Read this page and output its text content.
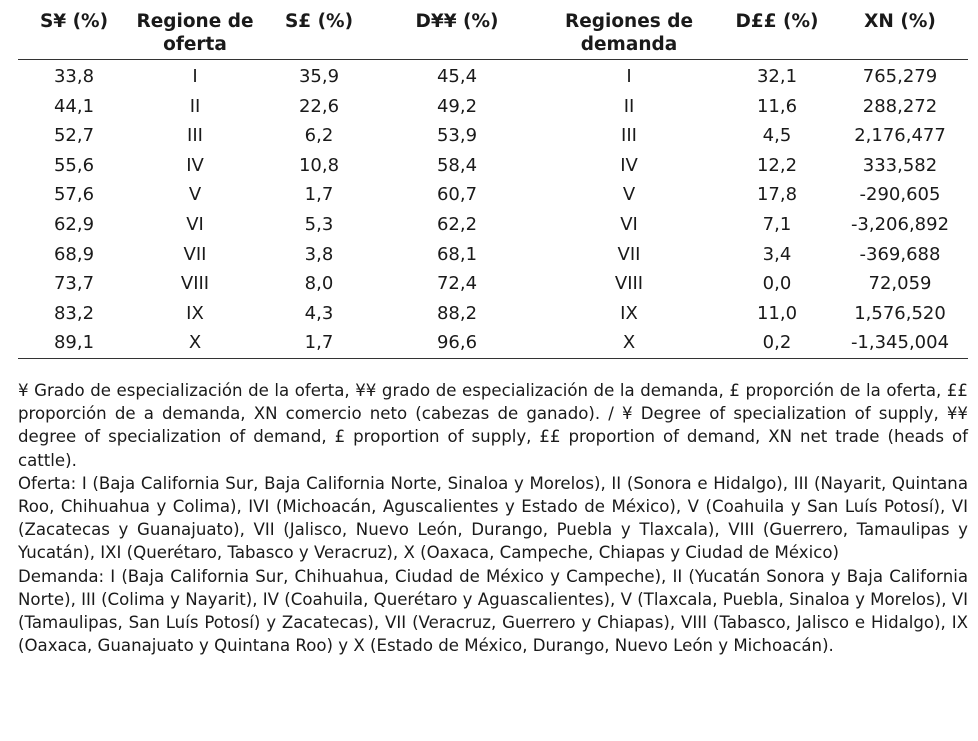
S¥ (%)	Regione de oferta	S£ (%)	D¥¥ (%)	Regiones de demanda	D££ (%)	XN (%)
33,8	I	35,9	45,4	I	32,1	765,279
44,1	II	22,6	49,2	II	11,6	288,272
52,7	III	6,2	53,9	III	4,5	2,176,477
55,6	IV	10,8	58,4	IV	12,2	333,582
57,6	V	1,7	60,7	V	17,8	-290,605
62,9	VI	5,3	62,2	VI	7,1	-3,206,892
68,9	VII	3,8	68,1	VII	3,4	-369,688
73,7	VIII	8,0	72,4	VIII	0,0	72,059
83,2	IX	4,3	88,2	IX	11,0	1,576,520
89,1	X	1,7	96,6	X	0,2	-1,345,004

¥ Grado de especialización de la oferta, ¥¥ grado de especialización de la demanda, £ proporción de la oferta, ££ proporción de a demanda, XN comercio neto (cabezas de ganado). / ¥ Degree of specialization of supply, ¥¥ degree of specialization of demand, £ proportion of supply, ££ proportion of demand, XN net trade (heads of cattle).

Oferta: I (Baja California Sur, Baja California Norte, Sinaloa y Morelos), II (Sonora e Hidalgo), III (Nayarit, Quintana Roo, Chihuahua y Colima), IVI (Michoacán, Aguscalientes y Estado de México), V (Coahuila y San Luís Potosí), VI (Zacatecas y Guanajuato), VII (Jalisco, Nuevo León, Durango, Puebla y Tlaxcala), VIII (Guerrero, Tamaulipas y Yucatán), IXI (Querétaro, Tabasco y Veracruz), X (Oaxaca, Campeche, Chiapas y Ciudad de México)

Demanda: I (Baja California Sur, Chihuahua, Ciudad de México y Campeche), II (Yucatán Sonora y Baja California Norte), III (Colima y Nayarit), IV (Coahuila, Querétaro y Aguascalientes), V (Tlaxcala, Puebla, Sinaloa y Morelos), VI (Tamaulipas, San Luís Potosí) y Zacatecas), VII (Veracruz, Guerrero y Chiapas), VIII (Tabasco, Jalisco e Hidalgo), IX (Oaxaca, Guanajuato y Quintana Roo) y X (Estado de México, Durango, Nuevo León y Michoacán).
